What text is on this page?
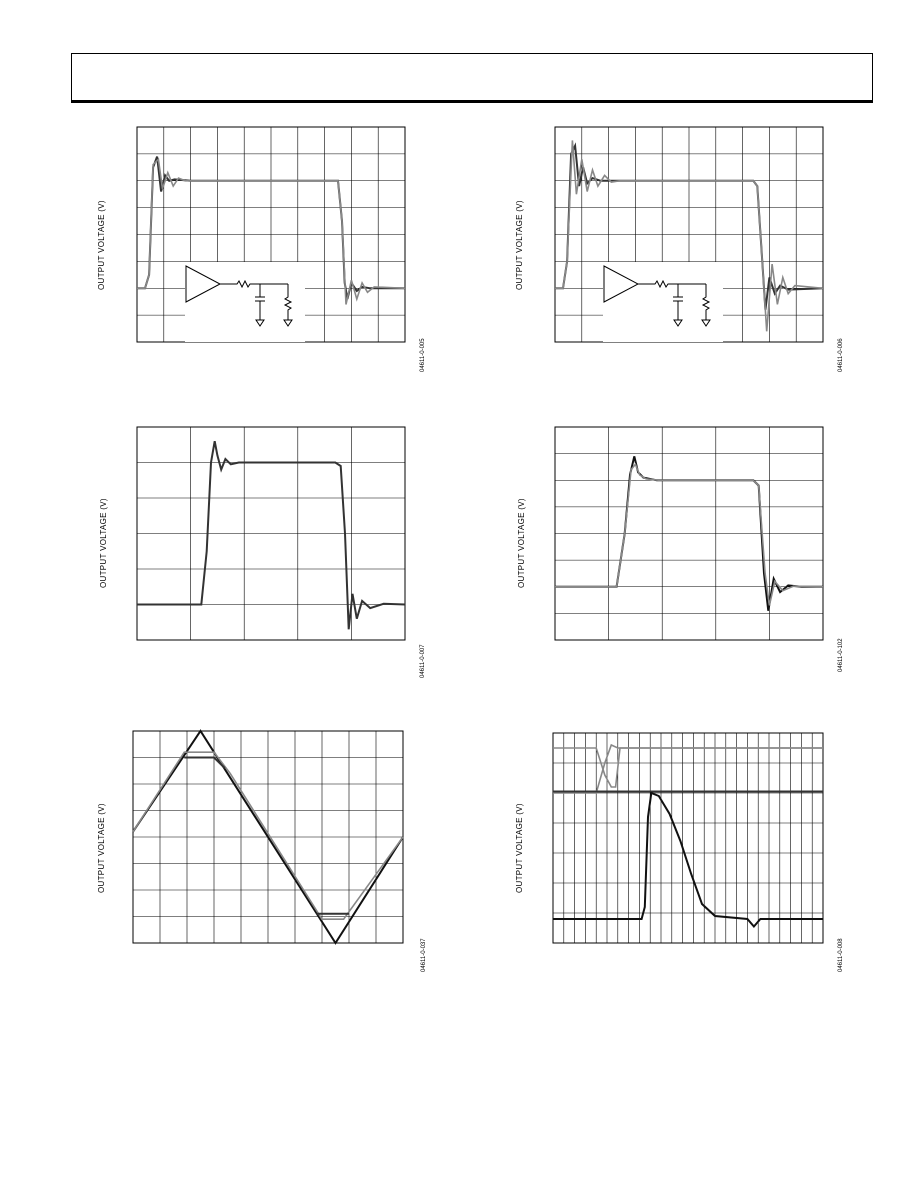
OUTPUT VOLTAGE (V)
04611-0-005
OUTPUT VOLTAGE (V)
04611-0-006
OUTPUT VOLTAGE (V)
04611-0-007
OUTPUT VOLTAGE (V)
04611-0-102
OUTPUT VOLTAGE (V)
04611-0-037
OUTPUT VOLTAGE (V)
04611-0-008
